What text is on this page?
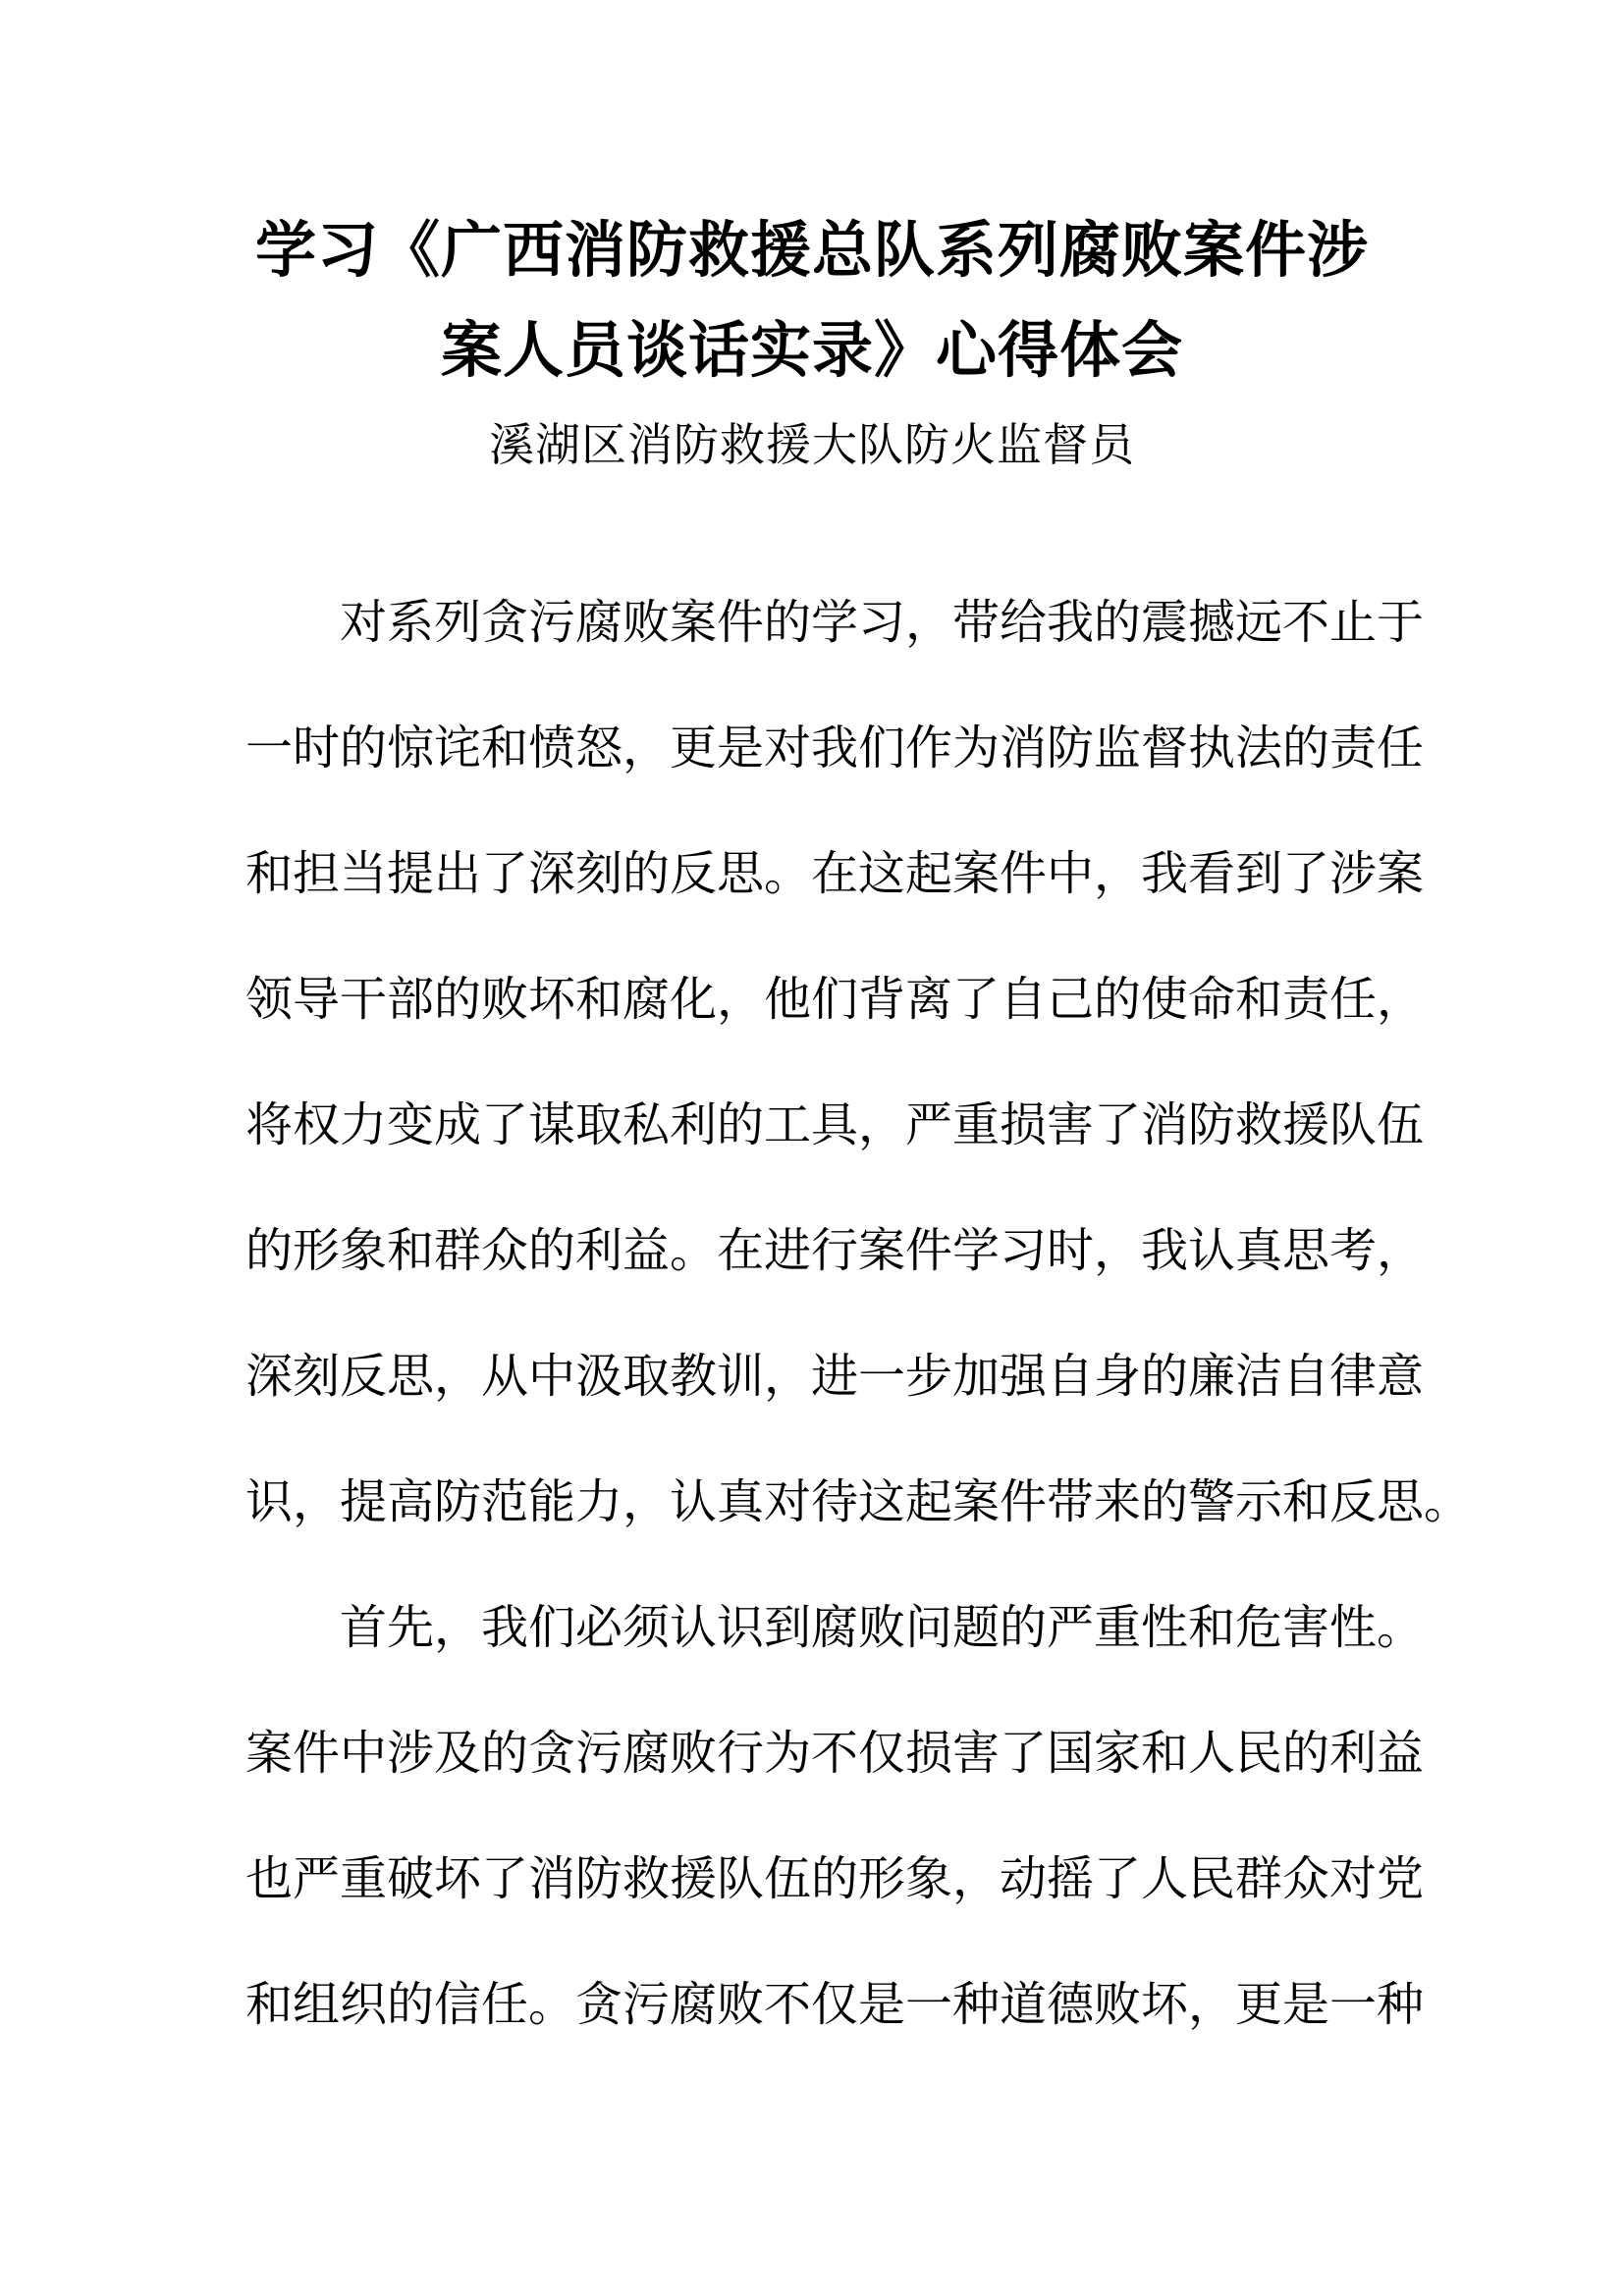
学习《广西消防救援总队系列腐败案件涉
案人员谈话实录》心得体会
溪湖区消防救援大队防火监督员
对系列贪污腐败案件的学习，带给我的震撼远不止于
一时的惊诧和愤怒，更是对我们作为消防监督执法的责任
和担当提出了深刻的反思。在这起案件中，我看到了涉案
领导干部的败坏和腐化，他们背离了自己的使命和责任，
将权力变成了谋取私利的工具，严重损害了消防救援队伍
的形象和群众的利益。在进行案件学习时，我认真思考，
深刻反思，从中汲取教训，进一步加强自身的廉洁自律意
识，提高防范能力，认真对待这起案件带来的警示和反思。
首先，我们必须认识到腐败问题的严重性和危害性。
案件中涉及的贪污腐败行为不仅损害了国家和人民的利益
也严重破坏了消防救援队伍的形象，动摇了人民群众对党
和组织的信任。贪污腐败不仅是一种道德败坏，更是一种
